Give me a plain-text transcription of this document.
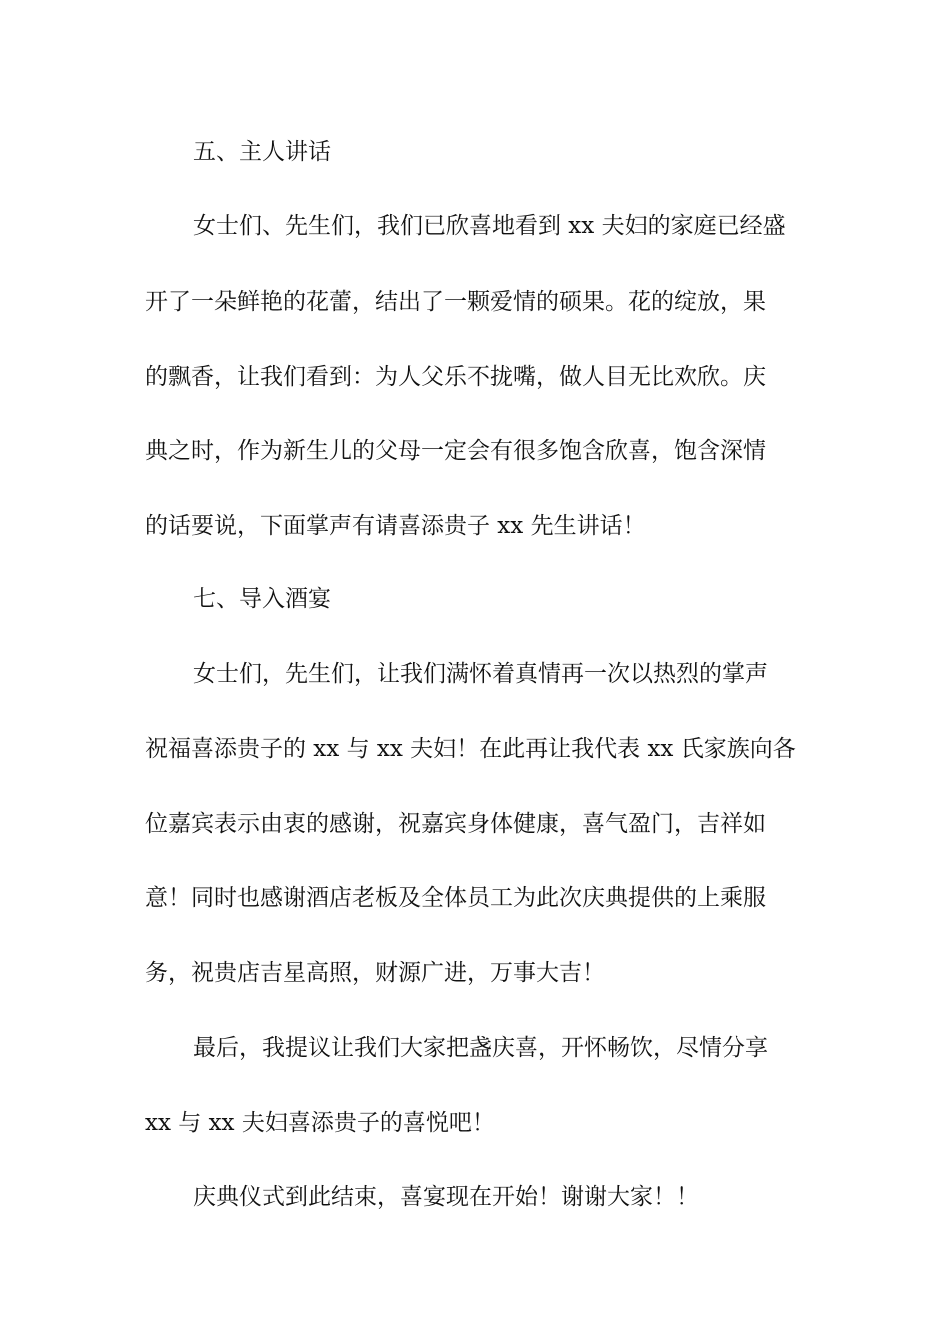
五、主人讲话
女士们、先生们，我们已欣喜地看到 xx 夫妇的家庭已经盛
开了一朵鲜艳的花蕾，结出了一颗爱情的硕果。花的绽放，果
的飘香，让我们看到：为人父乐不拢嘴，做人目无比欢欣。庆
典之时，作为新生儿的父母一定会有很多饱含欣喜，饱含深情
的话要说，下面掌声有请喜添贵子 xx 先生讲话！
七、导入酒宴
女士们，先生们，让我们满怀着真情再一次以热烈的掌声
祝福喜添贵子的 xx 与 xx 夫妇！在此再让我代表 xx 氏家族向各
位嘉宾表示由衷的感谢，祝嘉宾身体健康，喜气盈门，吉祥如
意！同时也感谢酒店老板及全体员工为此次庆典提供的上乘服
务，祝贵店吉星高照，财源广进，万事大吉！
最后，我提议让我们大家把盏庆喜，开怀畅饮，尽情分享
xx 与 xx 夫妇喜添贵子的喜悦吧！
庆典仪式到此结束，喜宴现在开始！谢谢大家！！
